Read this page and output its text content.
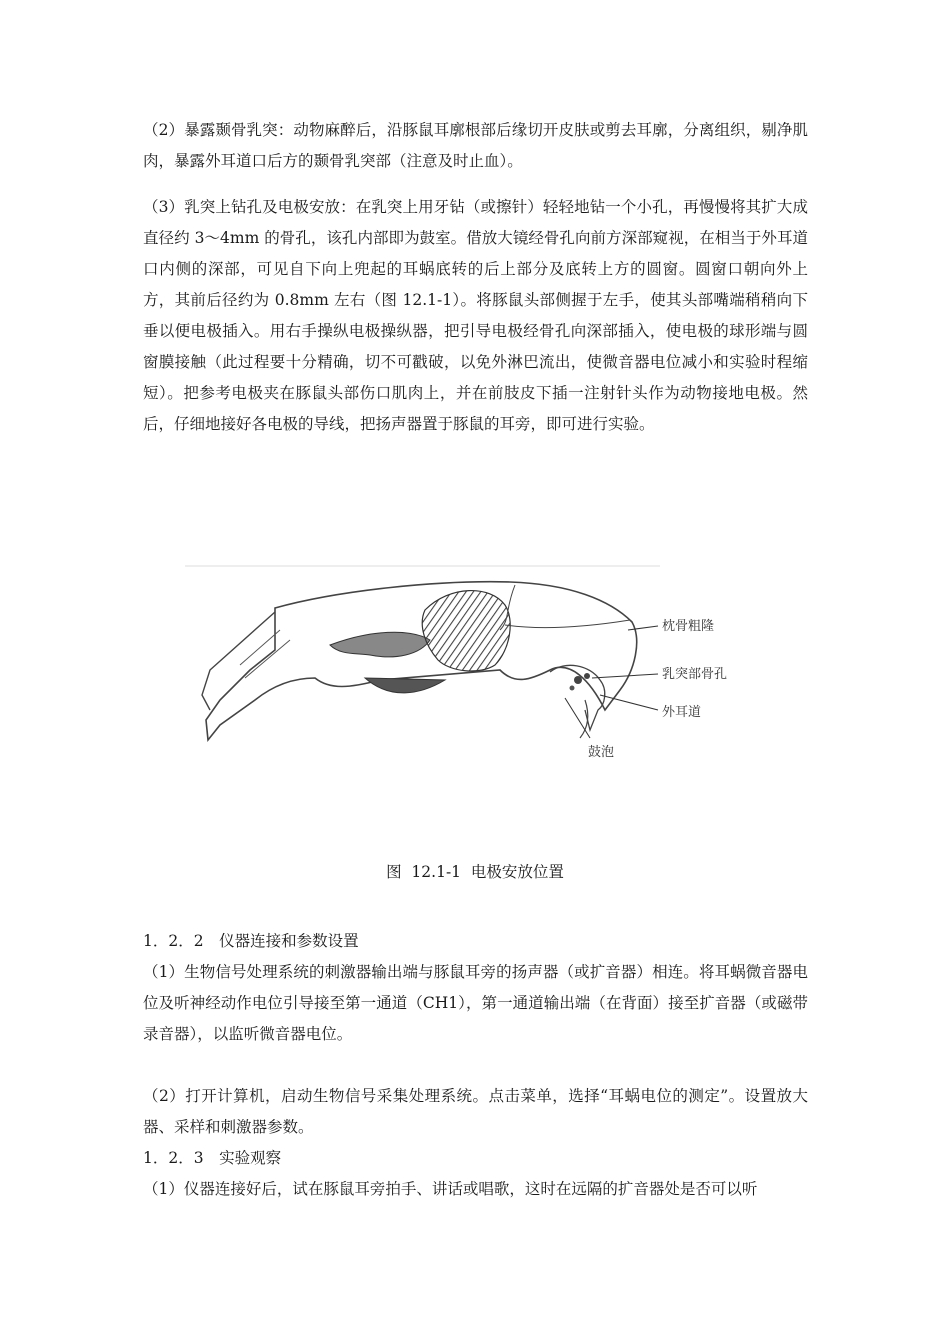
（2）暴露颞骨乳突：动物麻醉后，沿豚鼠耳廓根部后缘切开皮肤或剪去耳廓，分离组织，剔净肌肉，暴露外耳道口后方的颞骨乳突部（注意及时止血）。

（3）乳突上钻孔及电极安放：在乳突上用牙钻（或擦针）轻轻地钻一个小孔，再慢慢将其扩大成直径约 3～4mm 的骨孔，该孔内部即为鼓室。借放大镜经骨孔向前方深部窥视，在相当于外耳道口内侧的深部，可见自下向上兜起的耳蜗底转的后上部分及底转上方的圆窗。圆窗口朝向外上方，其前后径约为 0.8mm 左右（图 12.1-1）。将豚鼠头部侧握于左手，使其头部嘴端稍稍向下垂以便电极插入。用右手操纵电极操纵器，把引导电极经骨孔向深部插入，使电极的球形端与圆窗膜接触（此过程要十分精确，切不可戳破，以免外淋巴流出，使微音器电位减小和实验时程缩短）。把参考电极夹在豚鼠头部伤口肌肉上，并在前肢皮下插一注射针头作为动物接地电极。然后，仔细地接好各电极的导线，把扬声器置于豚鼠的耳旁，即可进行实验。

枕骨粗隆
乳突部骨孔
外耳道
鼓泡
图  12.1-1  电极安放位置
1．2．2　仪器连接和参数设置

（1）生物信号处理系统的刺激器输出端与豚鼠耳旁的扬声器（或扩音器）相连。将耳蜗微音器电位及听神经动作电位引导接至第一通道（CH1），第一通道输出端（在背面）接至扩音器（或磁带录音器），以监听微音器电位。

（2）打开计算机，启动生物信号采集处理系统。点击菜单，选择“耳蜗电位的测定”。设置放大器、采样和刺激器参数。

1．2．3　实验观察

（1）仪器连接好后，试在豚鼠耳旁拍手、讲话或唱歌，这时在远隔的扩音器处是否可以听
